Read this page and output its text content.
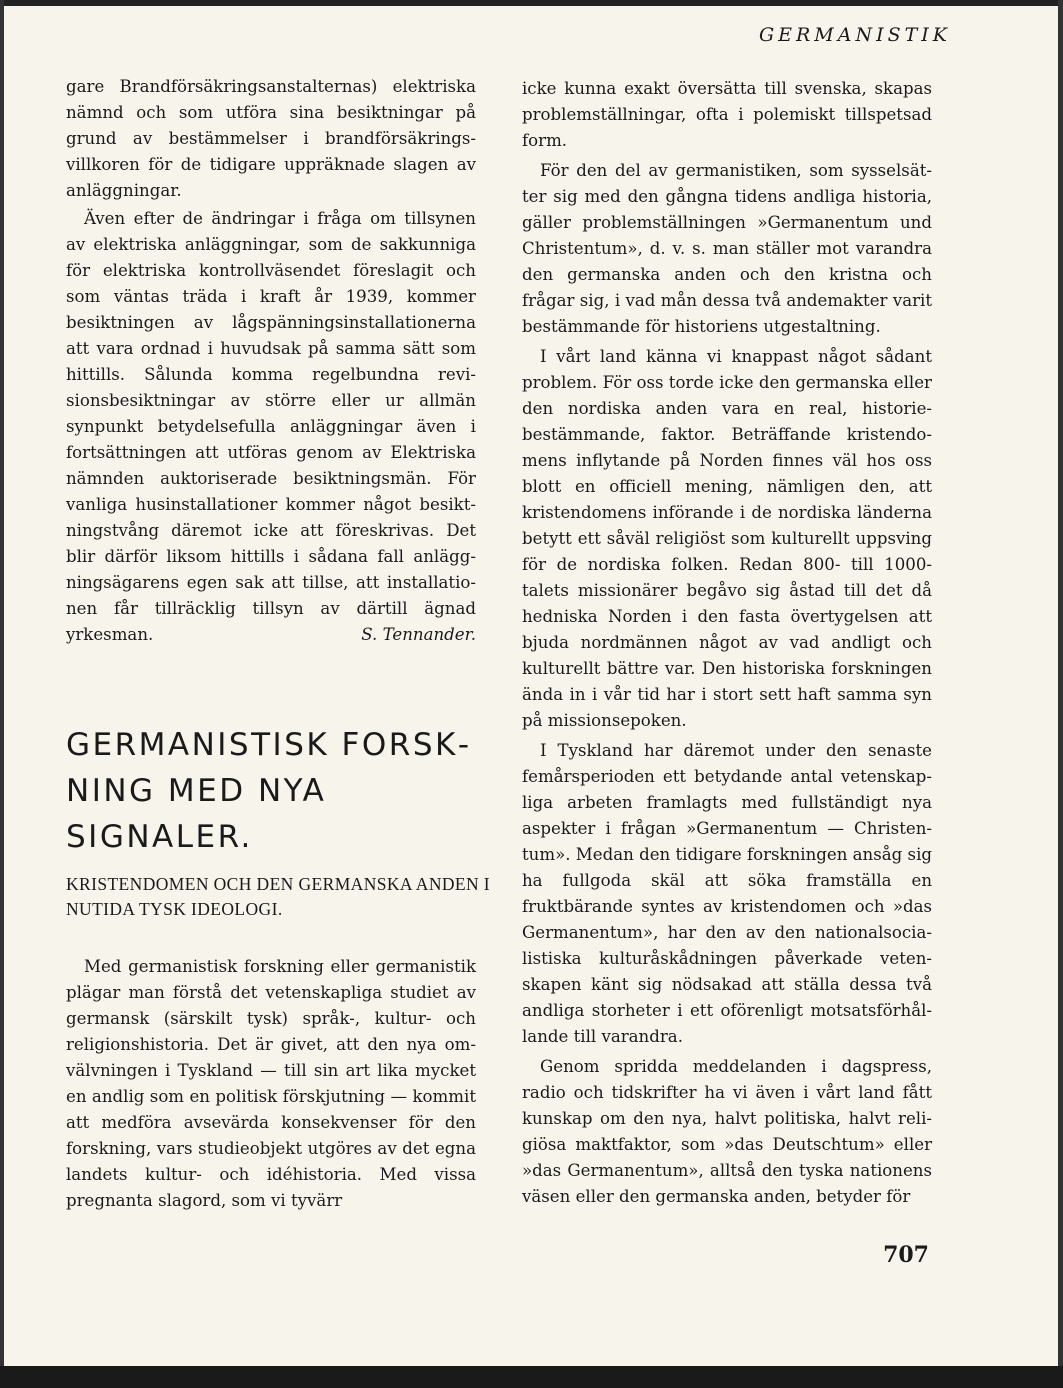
GERMANISTIK

gare Brandförsäkringsanstalternas) elektriska nämnd och som utföra sina besiktningar på grund av bestämmelser i brandförsäkringsvillkoren för de tidigare uppräknade slagen av anläggningar.

Även efter de ändringar i fråga om tillsynen av elektriska anläggningar, som de sakkunniga för elektriska kontrollväsendet föreslagit och som väntas träda i kraft år 1939, kommer besiktningen av lågspänningsinstallationerna att vara ordnad i huvudsak på samma sätt som hittills. Sålunda komma regelbundna revisionsbesiktningar av större eller ur allmän synpunkt betydelsefulla anläggningar även i fortsättningen att utföras genom av Elektriska nämnden auktoriserade besiktningsmän. För vanliga husinstallationer kommer något besiktningstvång däremot icke att föreskrivas. Det blir därför liksom hittills i sådana fall anläggningsägarens egen sak att tillse, att installationen får tillräcklig tillsyn av därtill ägnad yrkesman.	S. Tennander.
GERMANISTISK FORSKNING MED NYA SIGNALER.
KRISTENDOMEN OCH DEN GERMANSKA ANDEN I NUTIDA TYSK IDEOLOGI.

Med germanistisk forskning eller germanistik plägar man förstå det vetenskapliga studiet av germansk (särskilt tysk) språk-, kultur- och religionshistoria. Det är givet, att den nya omvälvningen i Tyskland — till sin art lika mycket en andlig som en politisk förskjutning — kommit att medföra avsevärda konsekvenser för den forskning, vars studieobjekt utgöres av det egna landets kultur- och idéhistoria. Med vissa pregnanta slagord, som vi tyvärr

icke kunna exakt översätta till svenska, skapas problemställningar, ofta i polemiskt tillspetsad form.

För den del av germanistiken, som sysselsätter sig med den gångna tidens andliga historia, gäller problemställningen »Germanentum und Christentum», d. v. s. man ställer mot varandra den germanska anden och den kristna och frågar sig, i vad mån dessa två andemakter varit bestämmande för historiens utgestaltning.

I vårt land känna vi knappast något sådant problem. För oss torde icke den germanska eller den nordiska anden vara en real, historiebestämmande, faktor. Beträffande kristendomens inflytande på Norden finnes väl hos oss blott en officiell mening, nämligen den, att kristendomens införande i de nordiska länderna betytt ett såväl religiöst som kulturellt uppsving för de nordiska folken. Redan 800- till 1000-talets missionärer begåvo sig åstad till det då hedniska Norden i den fasta övertygelsen att bjuda nordmännen något av vad andligt och kulturellt bättre var. Den historiska forskningen ända in i vår tid har i stort sett haft samma syn på missionsepoken.

I Tyskland har däremot under den senaste femårsperioden ett betydande antal vetenskapliga arbeten framlagts med fullständigt nya aspekter i frågan »Germanentum — Christentum». Medan den tidigare forskningen ansåg sig ha fullgoda skäl att söka framställa en fruktbärande syntes av kristendomen och »das Germanentum», har den av den nationalsocialistiska kulturåskådningen påverkade vetenskapen känt sig nödsakad att ställa dessa två andliga storheter i ett oförenligt motsatsförhållande till varandra.

Genom spridda meddelanden i dagspress, radio och tidskrifter ha vi även i vårt land fått kunskap om den nya, halvt politiska, halvt religiösa maktfaktor, som »das Deutschtum» eller »das Germanentum», alltså den tyska nationens väsen eller den germanska anden, betyder för

707
